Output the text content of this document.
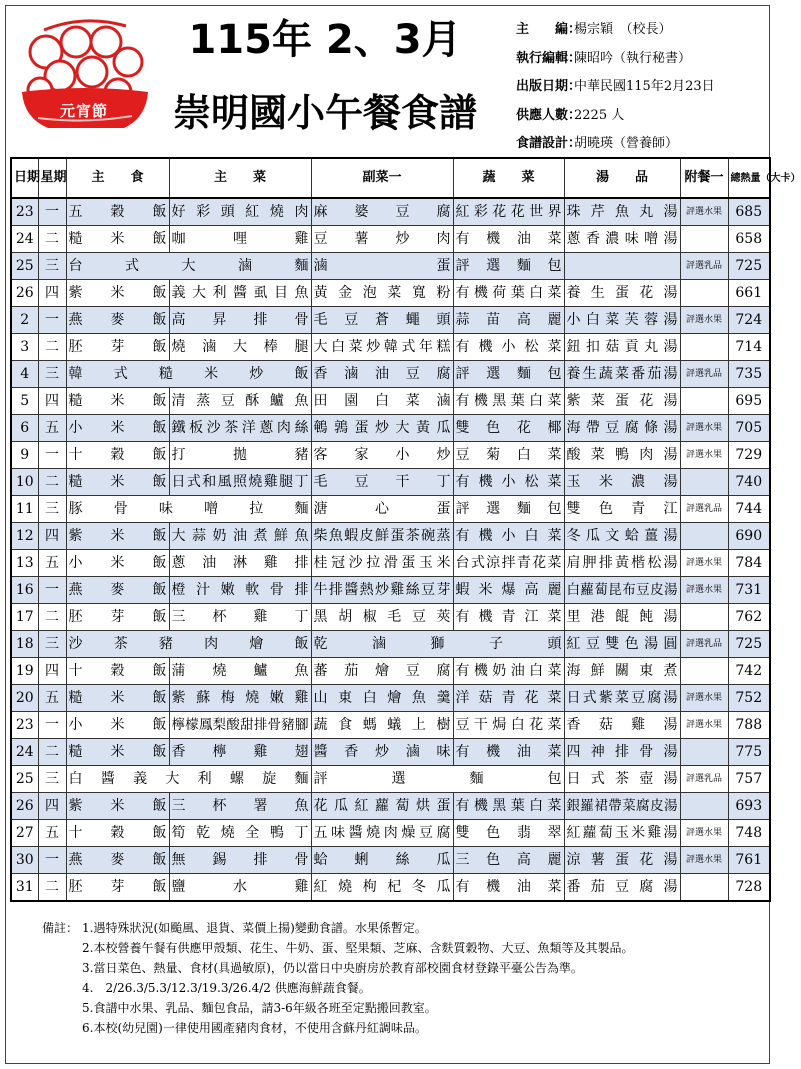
元宵節
115年 2、3月
崇明國小午餐食譜
主　　編：
楊宗穎　（校長）
執行編輯：
陳昭吟（執行秘書）
出版日期：
中華民國115年2月23日
供應人數：
2225 人
食譜設計：
胡曉瑛（營養師）
日期	星期	主　　食	主　　菜	副菜一	蔬　　菜	湯　　品	附餐一	總熱量（大卡）
23	一	五穀飯	好彩頭紅燒肉	麻婆豆腐	紅彩花花世界	珠芹魚丸湯	評選水果	685
24	二	糙米飯	咖哩雞	豆薯炒肉	有機油菜	蔥香濃味噌湯		658
25	三	台式大滷麵		滷蛋	評選麵包		評選乳品	725
26	四	紫米飯	義大利醬虱目魚	黃金泡菜寬粉	有機荷葉白菜	養生蛋花湯		661
2	一	燕麥飯	高昇排骨	毛豆蒼蠅頭	蒜苗高麗	小白菜芙蓉湯	評選水果	724
3	二	胚芽飯	燒滷大棒腿	大白菜炒韓式年糕	有機小松菜	鈕扣菇貢丸湯		714
4	三	韓式糙米炒飯		香滷油豆腐	評選麵包	養生蔬菜番茄湯	評選乳品	735
5	四	糙米飯	清蒸豆酥鱸魚	田園白菜滷	有機黑葉白菜	紫菜蛋花湯		695
6	五	小米飯	鐵板沙茶洋蔥肉絲	鵪鶉蛋炒大黃瓜	雙色花椰	海帶豆腐條湯	評選水果	705
9	一	十穀飯	打拋豬	客家小炒	豆菊白菜	酸菜鴨肉湯	評選水果	729
10	二	糙米飯	日式和風照燒雞腿丁	毛豆干丁	有機小松菜	玉米濃湯		740
11	三	豚骨味噌拉麵		溏心蛋	評選麵包	雙色青江	評選乳品	744
12	四	紫米飯	大蒜奶油煮鮮魚	柴魚蝦皮鮮蛋茶碗蒸	有機小白菜	冬瓜文蛤薑湯		690
13	五	小米飯	蔥油淋雞排	桂冠沙拉滑蛋玉米	台式涼拌青花菜	肩胛排黃楷松湯	評選水果	784
16	一	燕麥飯	橙汁嫩軟骨排	牛排醬熱炒雞絲豆芽	蝦米爆高麗	白蘿蔔昆布豆皮湯	評選水果	731
17	二	胚芽飯	三杯雞丁	黑胡椒毛豆莢	有機青江菜	里港餛飩湯		762
18	三	沙茶豬肉燴飯		乾滷獅子頭		紅豆雙色湯圓	評選乳品	725
19	四	十穀飯	蒲燒鱸魚	蕃茄燴豆腐	有機奶油白菜	海鮮關東煮		742
20	五	糙米飯	紫蘇梅燒嫩雞	山東白燴魚羹	洋菇青花菜	日式紫菜豆腐湯	評選水果	752
23	一	小米飯	檸檬鳳梨酸甜排骨豬腳	蔬食螞蟻上樹	豆干焗白花菜	香菇雞湯	評選水果	788
24	二	糙米飯	香檸雞翅	醬香炒滷味	有機油菜	四神排骨湯		775
25	三	白醬義大利螺旋麵		評選麵包		日式茶壺湯	評選乳品	757
26	四	紫米飯	三杯署魚	花瓜紅蘿蔔烘蛋	有機黑葉白菜	銀羅裙帶菜腐皮湯		693
27	五	十穀飯	筍乾燒全鴨丁	五味醬燒肉燥豆腐	雙色翡翠	紅蘿蔔玉米雞湯	評選水果	748
30	一	燕麥飯	無錫排骨	蛤蜊絲瓜	三色高麗	涼薯蛋花湯	評選水果	761
31	二	胚芽飯	鹽水雞	紅燒枸杞冬瓜	有機油菜	番茄豆腐湯		728
備註： 1.遇特殊狀況(如颱風、退貨、菜價上揚)變動食譜。水果係暫定。
2.本校營養午餐有供應甲殼類、花生、牛奶、蛋、堅果類、芝麻、含麩質穀物、大豆、魚類等及其製品。
3.當日菜色、熱量、食材(具過敏原)，仍以當日中央廚房於教育部校園食材登錄平臺公告為準。
4.　2/26.3/5.3/12.3/19.3/26.4/2 供應海鮮蔬食餐。
5.食譜中水果、乳品、麵包食品，請3-6年級各班至定點搬回教室。
6.本校(幼兒園)一律使用國產豬肉食材，不使用含蘇丹紅調味品。
